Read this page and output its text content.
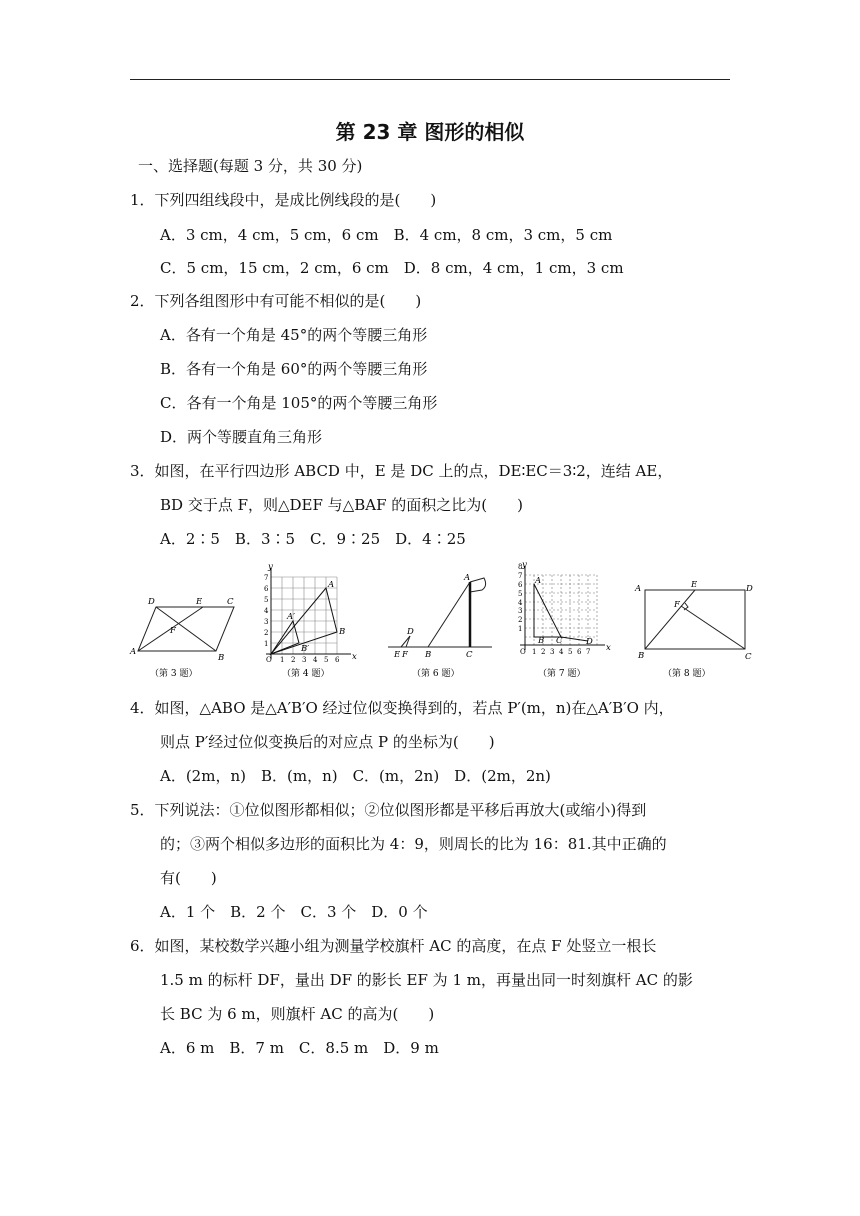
第 23 章 图形的相似
一、选择题(每题 3 分，共 30 分)
1．下列四组线段中，是成比例线段的是(　　)
A．3 cm，4 cm，5 cm，6 cm　B．4 cm，8 cm，3 cm，5 cm
C．5 cm，15 cm，2 cm，6 cm　D．8 cm，4 cm，1 cm，3 cm
2．下列各组图形中有可能不相似的是(　　)
A．各有一个角是 45°的两个等腰三角形
B．各有一个角是 60°的两个等腰三角形
C．各有一个角是 105°的两个等腰三角形
D．两个等腰直角三角形
3．如图，在平行四边形 ABCD 中，E 是 DC 上的点，DE∶EC＝3∶2，连结 AE，
BD 交于点 F，则△DEF 与△BAF 的面积之比为(　　)
A．2∶5　B．3∶5　C．9∶25　D．4∶25
A
D	E	C
B
F
（第 3 题）
y
x
A
B
A′
B′
O
7
6
5
4
3
2
1
1 2 3 4 5 6
（第 4 题）
D
A
E F B	C
（第 6 题）
y
x
A
B C	D
O
8
7
6
5
4
3
2
1
1 2 3 4 5 6 7
（第 7 题）
A	E	D
F
B	C
（第 8 题）
4．如图，△ABO 是△A′B′O 经过位似变换得到的，若点 P′(m，n)在△A′B′O 内，
则点 P′经过位似变换后的对应点 P 的坐标为(　　)
A．(2m，n)　B．(m，n)　C．(m，2n)　D．(2m，2n)
5．下列说法：①位似图形都相似；②位似图形都是平移后再放大(或缩小)得到
的；③两个相似多边形的面积比为 4：9，则周长的比为 16：81.其中正确的
有(　　)
A．1 个　B．2 个　C．3 个　D．0 个
6．如图，某校数学兴趣小组为测量学校旗杆 AC 的高度，在点 F 处竖立一根长
1.5 m 的标杆 DF，量出 DF 的影长 EF 为 1 m，再量出同一时刻旗杆 AC 的影
长 BC 为 6 m，则旗杆 AC 的高为(　　)
A．6 m　B．7 m　C．8.5 m　D．9 m
